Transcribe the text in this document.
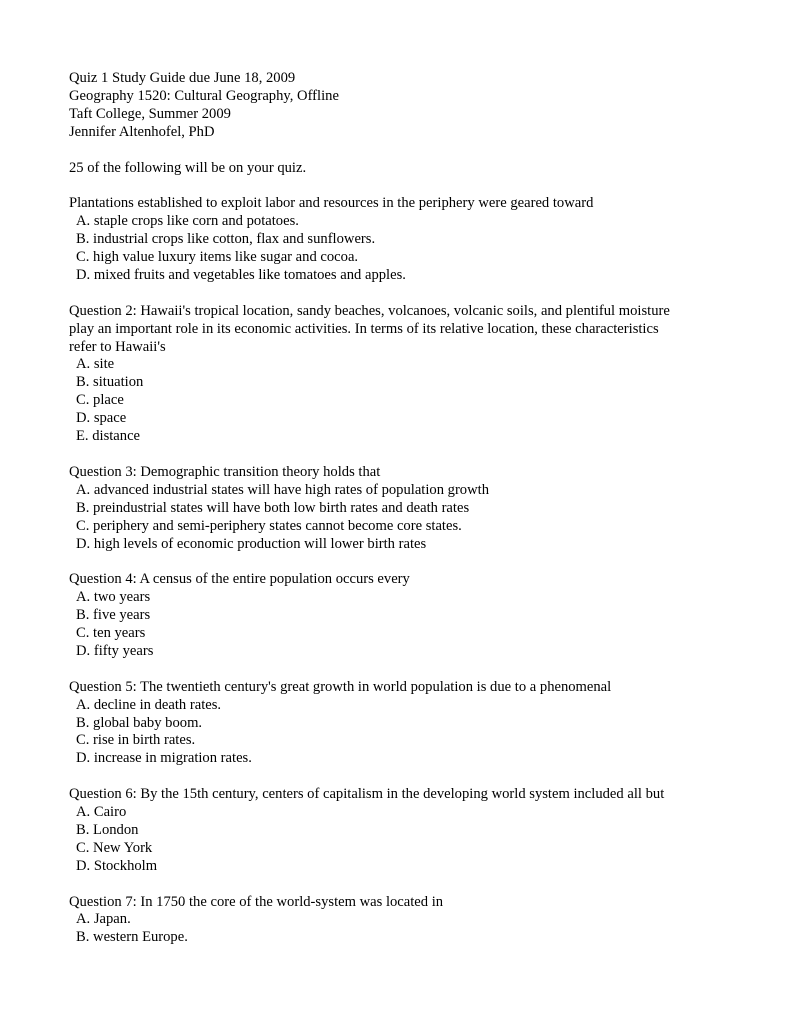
Quiz 1 Study Guide due June 18, 2009
Geography 1520: Cultural Geography, Offline
Taft College, Summer 2009
Jennifer Altenhofel, PhD
25 of the following will be on your quiz.
Plantations established to exploit labor and resources in the periphery were geared toward
A. staple crops like corn and potatoes.
B. industrial crops like cotton, flax and sunflowers.
C. high value luxury items like sugar and cocoa.
D. mixed fruits and vegetables like tomatoes and apples.
Question 2: Hawaii's tropical location, sandy beaches, volcanoes, volcanic soils, and plentiful moisture
play an important role in its economic activities. In terms of its relative location, these characteristics
refer to Hawaii's
A. site
B. situation
C. place
D. space
E. distance
Question 3: Demographic transition theory holds that
A. advanced industrial states will have high rates of population growth
B. preindustrial states will have both low birth rates and death rates
C. periphery and semi-periphery states cannot become core states.
D. high levels of economic production will lower birth rates
Question 4: A census of the entire population occurs every
A. two years
B. five years
C. ten years
D. fifty years
Question 5: The twentieth century's great growth in world population is due to a phenomenal
A. decline in death rates.
B. global baby boom.
C. rise in birth rates.
D. increase in migration rates.
Question 6: By the 15th century, centers of capitalism in the developing world system included all but
A. Cairo
B. London
C. New York
D. Stockholm
Question 7: In 1750 the core of the world-system was located in
A. Japan.
B. western Europe.
